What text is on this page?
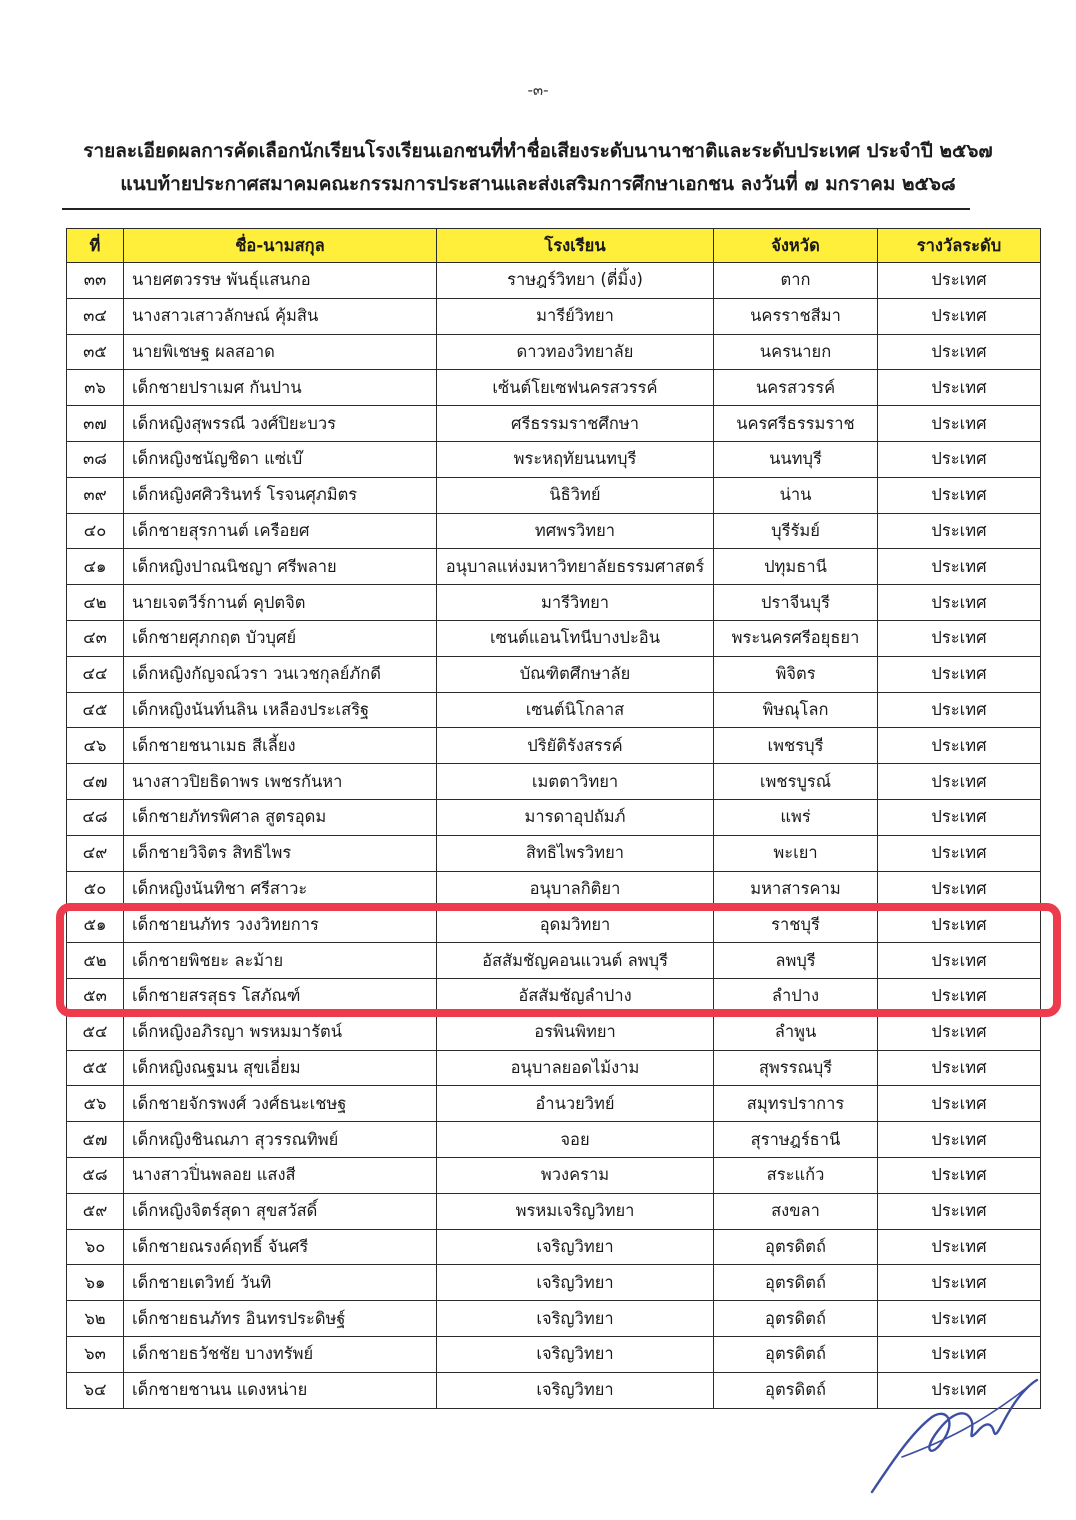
-๓-
รายละเอียดผลการคัดเลือกนักเรียนโรงเรียนเอกชนที่ทำชื่อเสียงระดับนานาชาติและระดับประเทศ ประจำปี ๒๕๖๗
แนบท้ายประกาศสมาคมคณะกรรมการประสานและส่งเสริมการศึกษาเอกชน ลงวันที่ ๗ มกราคม ๒๕๖๘
ที่	ชื่อ-นามสกุล	โรงเรียน	จังหวัด	รางวัลระดับ
๓๓	นายศตวรรษ พันธุ์แสนกอ	ราษฎร์วิทยา (ตี่มิ้ง)	ตาก	ประเทศ
๓๔	นางสาวเสาวลักษณ์ คุ้มสิน	มารีย์วิทยา	นครราชสีมา	ประเทศ
๓๕	นายพิเชษฐ ผลสอาด	ดาวทองวิทยาลัย	นครนายก	ประเทศ
๓๖	เด็กชายปราเมศ กันปาน	เซ้นต์โยเซฟนครสวรรค์	นครสวรรค์	ประเทศ
๓๗	เด็กหญิงสุพรรณี วงศ์ปิยะบวร	ศรีธรรมราชศึกษา	นครศรีธรรมราช	ประเทศ
๓๘	เด็กหญิงชนัญชิดา แซ่เบ๊	พระหฤทัยนนทบุรี	นนทบุรี	ประเทศ
๓๙	เด็กหญิงศศิวรินทร์ โรจนศุภมิตร	นิธิวิทย์	น่าน	ประเทศ
๔๐	เด็กชายสุรกานต์ เครือยศ	ทศพรวิทยา	บุรีรัมย์	ประเทศ
๔๑	เด็กหญิงปาณนิชญา ศรีพลาย	อนุบาลแห่งมหาวิทยาลัยธรรมศาสตร์	ปทุมธานี	ประเทศ
๔๒	นายเจตวีร์กานต์ คุปตจิต	มารีวิทยา	ปราจีนบุรี	ประเทศ
๔๓	เด็กชายศุภกฤต บัวบุศย์	เซนต์แอนโทนีบางปะอิน	พระนครศรีอยุธยา	ประเทศ
๔๔	เด็กหญิงกัญจณ์วรา วนเวชกุลย์ภักดี	บัณฑิตศึกษาลัย	พิจิตร	ประเทศ
๔๕	เด็กหญิงนันท์นลิน เหลืองประเสริฐ	เซนต์นิโกลาส	พิษณุโลก	ประเทศ
๔๖	เด็กชายชนาเมธ สีเลี้ยง	ปริยัติรังสรรค์	เพชรบุรี	ประเทศ
๔๗	นางสาวปิยธิดาพร เพชรกันหา	เมตตาวิทยา	เพชรบูรณ์	ประเทศ
๔๘	เด็กชายภัทรพิศาล สูตรอุดม	มารดาอุปถัมภ์	แพร่	ประเทศ
๔๙	เด็กชายวิจิตร สิทธิไพร	สิทธิไพรวิทยา	พะเยา	ประเทศ
๕๐	เด็กหญิงนันทิชา ศรีสาวะ	อนุบาลกิติยา	มหาสารคาม	ประเทศ
๕๑	เด็กชายนภัทร วงงวิทยการ	อุดมวิทยา	ราชบุรี	ประเทศ
๕๒	เด็กชายพิชยะ ละม้าย	อัสสัมชัญคอนแวนต์ ลพบุรี	ลพบุรี	ประเทศ
๕๓	เด็กชายสรสุธร โสภัณฑ์	อัสสัมชัญลำปาง	ลำปาง	ประเทศ
๕๔	เด็กหญิงอภิรญา พรหมมารัตน์	อรพินพิทยา	ลำพูน	ประเทศ
๕๕	เด็กหญิงณฐมน สุขเอี่ยม	อนุบาลยอดไม้งาม	สุพรรณบุรี	ประเทศ
๕๖	เด็กชายจักรพงศ์ วงศ์ธนะเชษฐ	อำนวยวิทย์	สมุทรปราการ	ประเทศ
๕๗	เด็กหญิงชินณภา สุวรรณทิพย์	จอย	สุราษฎร์ธานี	ประเทศ
๕๘	นางสาวปิ่นพลอย แสงสี	พวงคราม	สระแก้ว	ประเทศ
๕๙	เด็กหญิงจิตร์สุดา สุขสวัสดิ์	พรหมเจริญวิทยา	สงขลา	ประเทศ
๖๐	เด็กชายณรงค์ฤทธิ์ จันศรี	เจริญวิทยา	อุตรดิตถ์	ประเทศ
๖๑	เด็กชายเตวิทย์ วันทิ	เจริญวิทยา	อุตรดิตถ์	ประเทศ
๖๒	เด็กชายธนภัทร อินทรประดิษฐ์	เจริญวิทยา	อุตรดิตถ์	ประเทศ
๖๓	เด็กชายธวัชชัย บางทรัพย์	เจริญวิทยา	อุตรดิตถ์	ประเทศ
๖๔	เด็กชายชานน แดงหน่าย	เจริญวิทยา	อุตรดิตถ์	ประเทศ
